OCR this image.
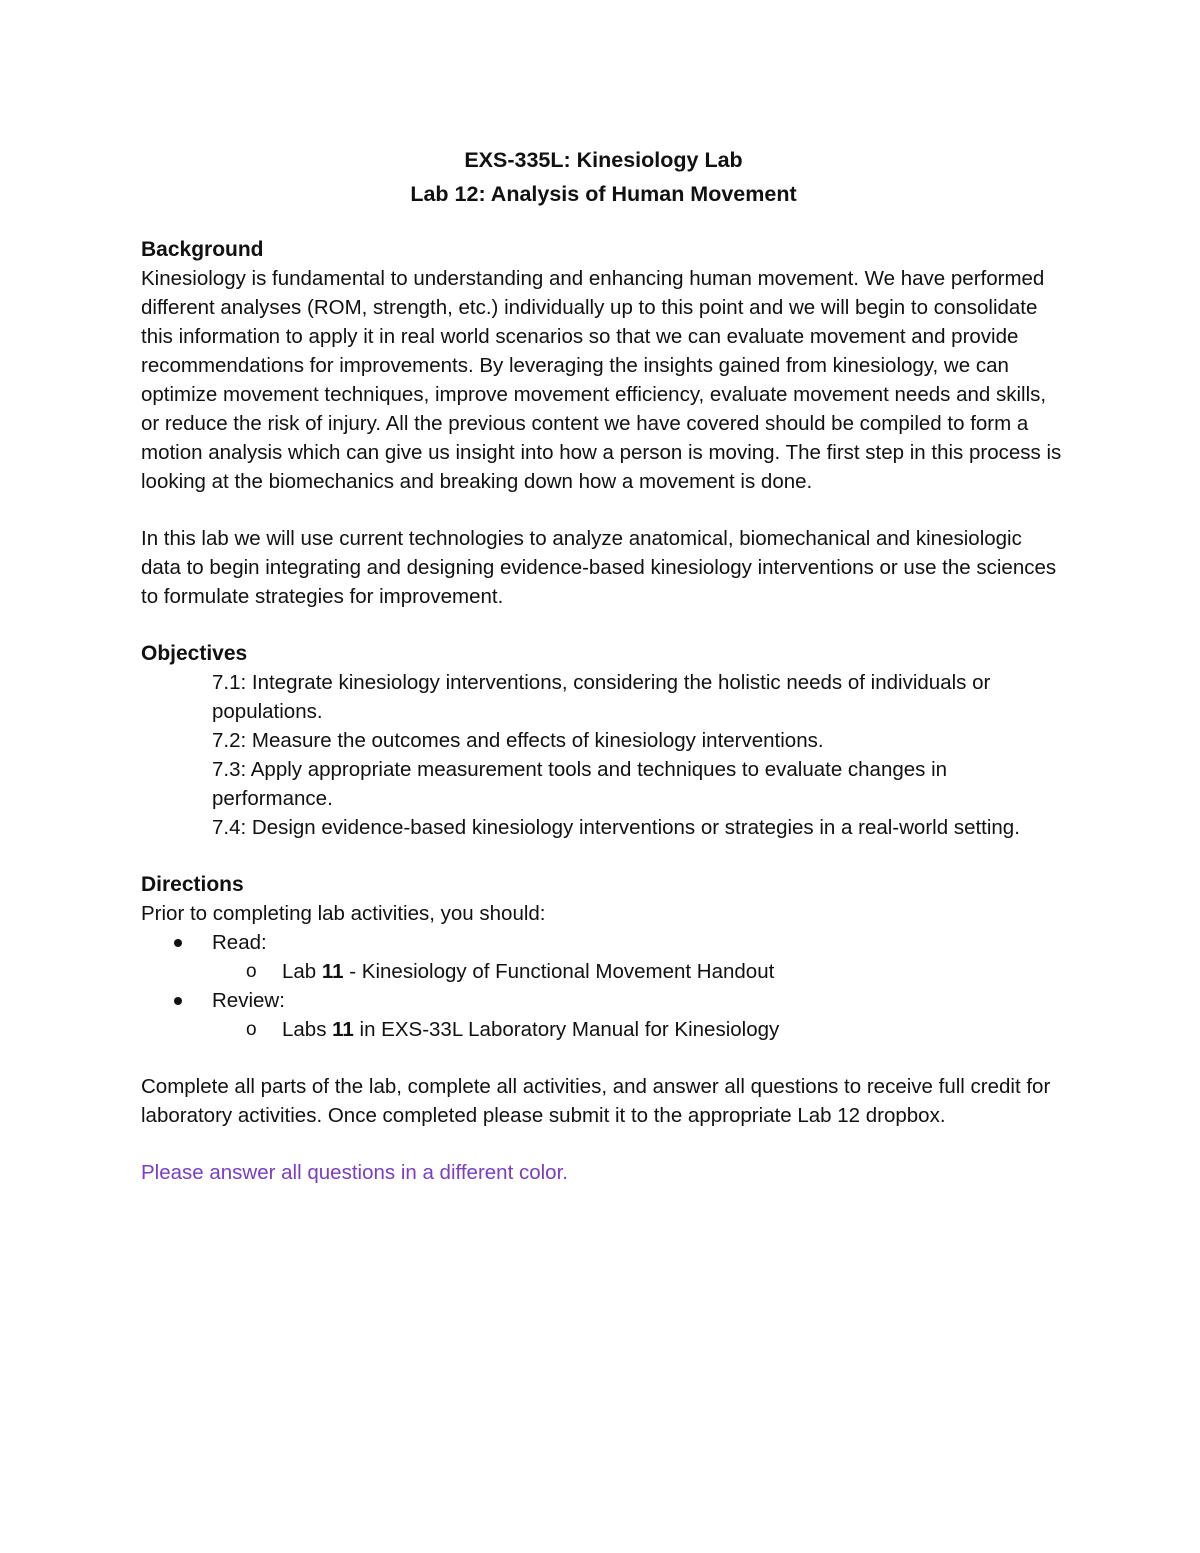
EXS-335L: Kinesiology Lab

Lab 12: Analysis of Human Movement

Background

Kinesiology is fundamental to understanding and enhancing human movement. We have performed different analyses (ROM, strength, etc.) individually up to this point and we will begin to consolidate this information to apply it in real world scenarios so that we can evaluate movement and provide recommendations for improvements. By leveraging the insights gained from kinesiology, we can optimize movement techniques, improve movement efficiency, evaluate movement needs and skills, or reduce the risk of injury. All the previous content we have covered should be compiled to form a motion analysis which can give us insight into how a person is moving. The first step in this process is looking at the biomechanics and breaking down how a movement is done.

In this lab we will use current technologies to analyze anatomical, biomechanical and kinesiologic data to begin integrating and designing evidence-based kinesiology interventions or use the sciences to formulate strategies for improvement.

Objectives

7.1: Integrate kinesiology interventions, considering the holistic needs of individuals or populations.
7.2: Measure the outcomes and effects of kinesiology interventions.
7.3: Apply appropriate measurement tools and techniques to evaluate changes in performance.
7.4: Design evidence-based kinesiology interventions or strategies in a real-world setting.

Directions

Prior to completing lab activities, you should:

Read:
o Lab 11 - Kinesiology of Functional Movement Handout
Review:
o Labs 11 in EXS-33L Laboratory Manual for Kinesiology

Complete all parts of the lab, complete all activities, and answer all questions to receive full credit for laboratory activities. Once completed please submit it to the appropriate Lab 12 dropbox.

Please answer all questions in a different color.
